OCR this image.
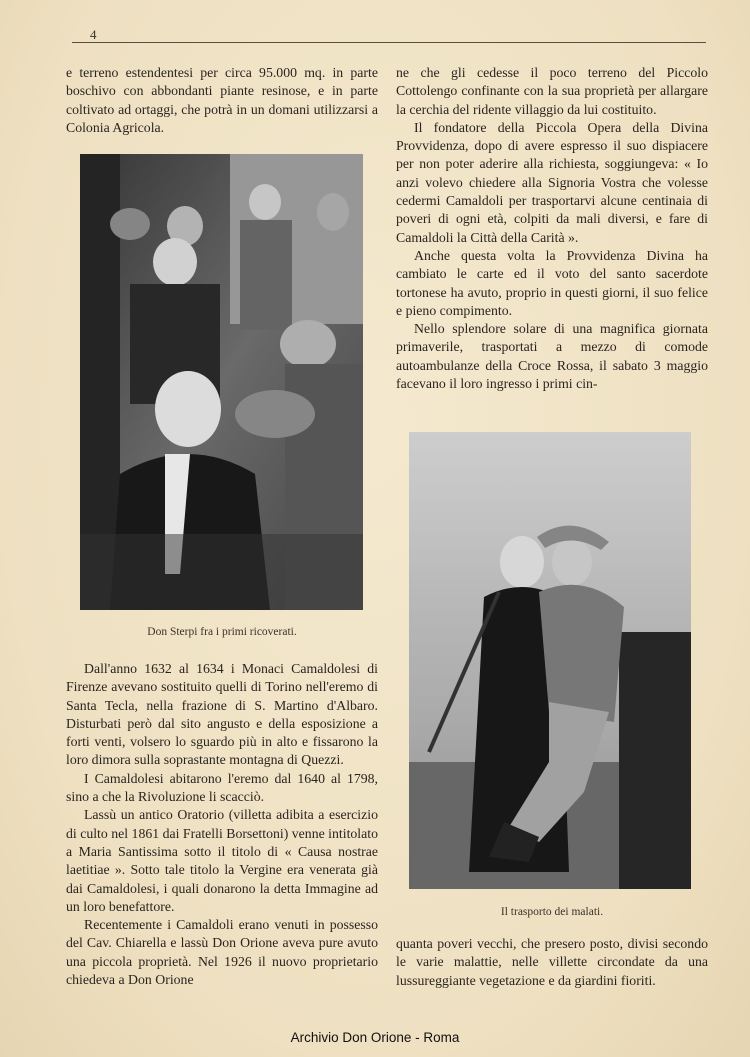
4

e terreno estendentesi per circa 95.000 mq. in parte boschivo con abbondanti piante resinose, e in parte coltivato ad ortaggi, che potrà in un domani utilizzarsi a Colonia Agricola.

Don Sterpi fra i primi ricoverati.

Dall'anno 1632 al 1634 i Monaci Camaldolesi di Firenze avevano sostituito quelli di Torino nell'eremo di Santa Tecla, nella frazione di S. Martino d'Albaro. Disturbati però dal sito angusto e della esposizione a forti venti, volsero lo sguardo più in alto e fissarono la loro dimora sulla soprastante montagna di Quezzi.

I Camaldolesi abitarono l'eremo dal 1640 al 1798, sino a che la Rivoluzione li scacciò.

Lassù un antico Oratorio (villetta adibita a esercizio di culto nel 1861 dai Fratelli Borsettoni) venne intitolato a Maria Santissima sotto il titolo di « Causa nostrae laetitiae ». Sotto tale titolo la Vergine era venerata già dai Camaldolesi, i quali donarono la detta Immagine ad un loro benefattore.

Recentemente i Camaldoli erano venuti in possesso del Cav. Chiarella e lassù Don Orione aveva pure avuto una piccola proprietà. Nel 1926 il nuovo proprietario chiedeva a Don Orione

ne che gli cedesse il poco terreno del Piccolo Cottolengo confinante con la sua proprietà per allargare la cerchia del ridente villaggio da lui costituito.

Il fondatore della Piccola Opera della Divina Provvidenza, dopo di avere espresso il suo dispiacere per non poter aderire alla richiesta, soggiungeva: « Io anzi volevo chiedere alla Signoria Vostra che volesse cedermi Camaldoli per trasportarvi alcune centinaia di poveri di ogni età, colpiti da mali diversi, e fare di Camaldoli la Città della Carità ».

Anche questa volta la Provvidenza Divina ha cambiato le carte ed il voto del santo sacerdote tortonese ha avuto, proprio in questi giorni, il suo felice e pieno compimento.

Nello splendore solare di una magnifica giornata primaverile, trasportati a mezzo di comode autoambulanze della Croce Rossa, il sabato 3 maggio facevano il loro ingresso i primi cin-

Il trasporto dei malati.

quanta poveri vecchi, che presero posto, divisi secondo le varie malattie, nelle villette circondate da una lussureggiante vegetazione e da giardini fioriti.

Archivio Don Orione - Roma
